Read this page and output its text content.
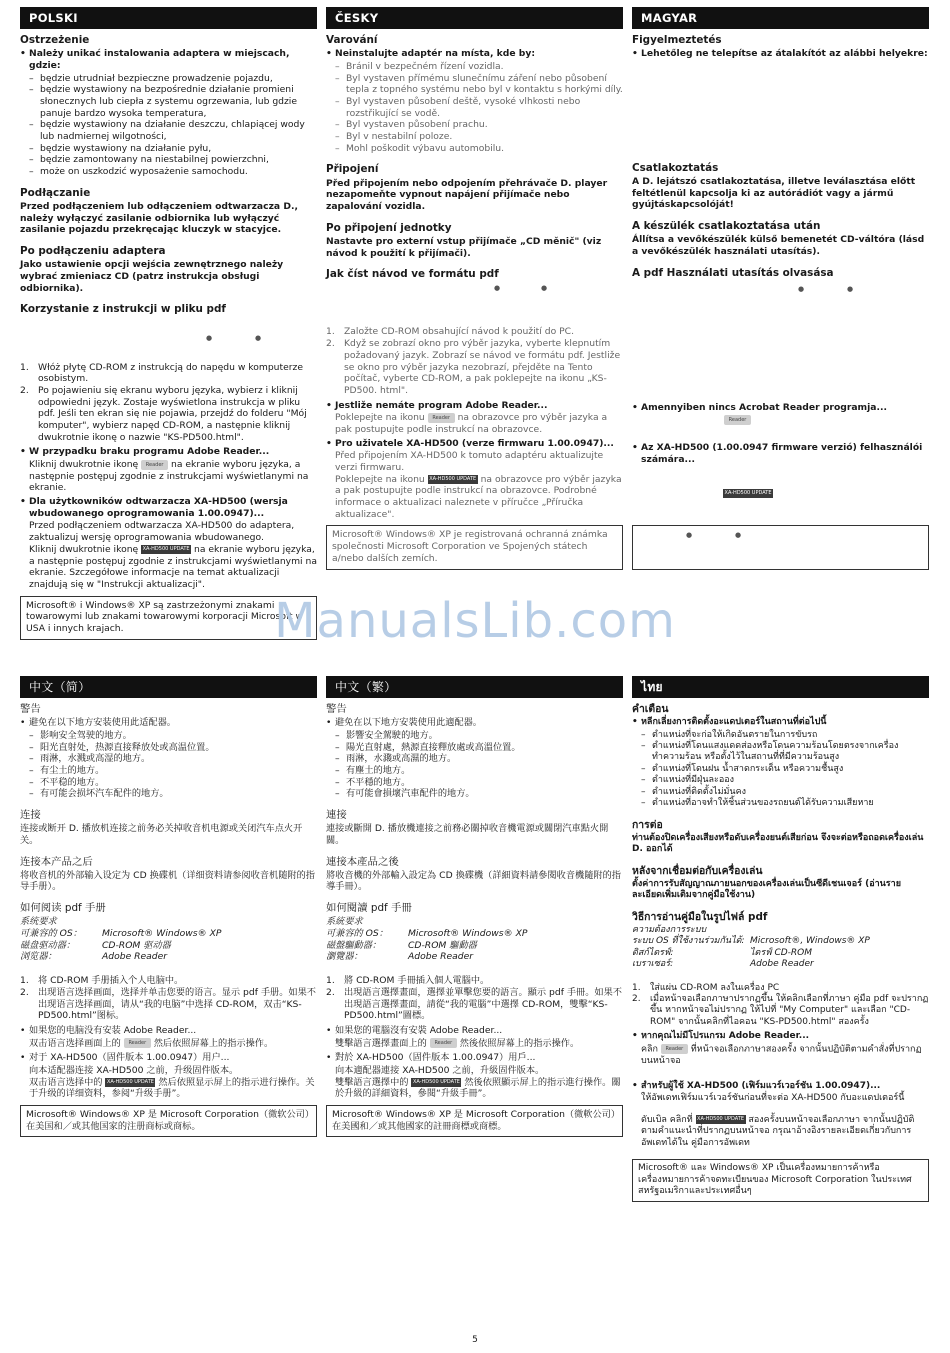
POLSKI
Ostrzeżenie
• Należy unikać instalowania adaptera w miejscach, gdzie:
– będzie utrudniał bezpieczne prowadzenie pojazdu,
– będzie wystawiony na bezpośrednie działanie promieni słonecznych lub ciepła z systemu ogrzewania, lub gdzie panuje bardzo wysoka temperatura,
– będzie wystawiony na działanie deszczu, chlapiącej wody lub nadmiernej wilgotności,
– będzie wystawiony na działanie pyłu,
– będzie zamontowany na niestabilnej powierzchni,
– może on uszkodzić wyposażenie samochodu.
Podłączanie
Przed podłączeniem lub odłączeniem odtwarzacza D., należy wyłączyć zasilanie odbiornika lub wyłączyć zasilanie pojazdu przekręcając kluczyk w stacyjce.
Po podłączeniu adaptera
Jako ustawienie opcji wejścia zewnętrznego należy wybrać zmieniacz CD (patrz instrukcja obsługi odbiornika).
Korzystanie z instrukcji w pliku pdf
●	●
1. Włóż płytę CD-ROM z instrukcją do napędu w komputerze osobistym.
2. Po pojawieniu się ekranu wyboru języka, wybierz i kliknij odpowiedni język. Zostaje wyświetlona instrukcja w pliku pdf. Jeśli ten ekran się nie pojawia, przejdź do folderu "Mój komputer", wybierz napęd CD-ROM, a następnie kliknij dwukrotnie ikonę o nazwie "KS-PD500.html".
• W przypadku braku programu Adobe Reader...
Kliknij dwukrotnie ikonę Reader na ekranie wyboru języka, a następnie postępuj zgodnie z instrukcjami wyświetlanymi na ekranie.
• Dla użytkowników odtwarzacza XA-HD500 (wersja wbudowanego oprogramowania 1.00.0947)...
Przed podłączeniem odtwarzacza XA-HD500 do adaptera, zaktualizuj wersję oprogramowania wbudowanego.
Kliknij dwukrotnie ikonę XA-HD500 UPDATE na ekranie wyboru języka, a następnie postępuj zgodnie z instrukcjami wyświetlanymi na ekranie. Szczegółowe informacje na temat aktualizacji znajdują się w "Instrukcji aktualizacji".
Microsoft® i Windows® XP są zastrzeżonymi znakami towarowymi lub znakami towarowymi korporacji Microsoft w USA i innych krajach.
ČESKY
Varování
• Neinstalujte adaptér na místa, kde by:
– Bránil v bezpečném řízení vozidla.
– Byl vystaven přímému slunečnímu záření nebo působení tepla z topného systému nebo byl v kontaktu s horkými díly.
– Byl vystaven působení deště, vysoké vlhkosti nebo rozstřikující se vodě.
– Byl vystaven působení prachu.
– Byl v nestabilní poloze.
– Mohl poškodit výbavu automobilu.
Připojení
Před připojením nebo odpojením přehrávače D. player nezapomeňte vypnout napájení přijímače nebo zapalování vozidla.
Po připojení jednotky
Nastavte pro externí vstup přijímače „CD měnič" (viz návod k použití k přijímači).
Jak číst návod ve formátu pdf
●	●
1. Založte CD-ROM obsahující návod k použití do PC.
2. Když se zobrazí okno pro výběr jazyka, vyberte klepnutím požadovaný jazyk. Zobrazí se návod ve formátu pdf. Jestliže se okno pro výběr jazyka nezobrazí, přejděte na Tento počítač, vyberte CD-ROM, a pak poklepejte na ikonu „KS-PD500. html".
• Jestliže nemáte program Adobe Reader...
Poklepejte na ikonu Reader na obrazovce pro výběr jazyka a pak postupujte podle instrukcí na obrazovce.
• Pro uživatele XA-HD500 (verze firmwaru 1.00.0947)...
Před připojením XA-HD500 k tomuto adaptéru aktualizujte verzi firmwaru.
Poklepejte na ikonu XA-HD500 UPDATE na obrazovce pro výběr jazyka a pak postupujte podle instrukcí na obrazovce. Podrobné informace o aktualizaci naleznete v příručce „Příručka aktualizace".
Microsoft® Windows® XP je registrovaná ochranná známka společnosti Microsoft Corporation ve Spojených státech a/nebo dalších zemích.
MAGYAR
Figyelmeztetés
• Lehetőleg ne telepítse az átalakítót az alábbi helyekre:
Csatlakoztatás
A D. lejátszó csatlakoztatása, illetve leválasztása előtt feltétlenül kapcsolja ki az autórádiót vagy a jármű gyújtáskapcsolóját!
A készülék csatlakoztatása után
Állítsa a vevőkészülék külső bemenetét CD-váltóra (lásd a vevőkészülék használati utasítás).
A pdf Használati utasítás olvasása
●	●
• Amennyiben nincs Acrobat Reader programja...
Reader
• Az XA-HD500 (1.00.0947 firmware verzió) felhasználói számára...
XA-HD500 UPDATE
●	●
ManualsLib.com
中文（简）
警告
• 避免在以下地方安装使用此适配器。
– 影响安全驾驶的地方。
– 阳光直射处，热源直接释放处或高温位置。
– 雨淋，水溅或高湿的地方。
– 有尘土的地方。
– 不平稳的地方。
– 有可能会损坏汽车配件的地方。
连接
连接或断开 D. 播放机连接之前务必关掉收音机电源或关闭汽车点火开关。
连接本产品之后
将收音机的外部输入设定为 CD 换碟机（详细资料请参阅收音机随附的指导手册）。
如何阅读 pdf 手册
系统要求
可兼容的 OS：	Microsoft® Windows® XP
磁盘驱动器：	CD-ROM 驱动器
浏览器：	Adobe Reader
1. 将 CD-ROM 手册插入个人电脑中。
2. 出现语言选择画面，选择并单击您要的语言。显示 pdf 手册。如果不出现语言选择画面，请从“我的电脑”中选择 CD-ROM，双击“KS-PD500.html”图标。
• 如果您的电脑没有安装 Adobe Reader...
双击语言选择画面上的 Reader 然后依照屏幕上的指示操作。
• 对于 XA-HD500（固件版本 1.00.0947）用户...
向本适配器连接 XA-HD500 之前，升级固件版本。
双击语言选择中的 XA-HD500 UPDATE 然后依照显示屏上的指示进行操作。关于升级的详细资料，参阅“升级手册”。
Microsoft® Windows® XP 是 Microsoft Corporation（微软公司）在美国和／或其他国家的注册商标或商标。
中文（繁）
警告
• 避免在以下地方安裝使用此適配器。
– 影響安全駕駛的地方。
– 陽光直射處，熱源直接釋放處或高溫位置。
– 雨淋，水濺或高濕的地方。
– 有塵土的地方。
– 不平穩的地方。
– 有可能會損壞汽車配件的地方。
連接
連接或斷開 D. 播放機連接之前務必關掉收音機電源或關閉汽車點火開關。
連接本產品之後
將收音機的外部輸入設定為 CD 換碟機（詳細資料請參閱收音機隨附的指導手冊）。
如何閱讀 pdf 手冊
系統要求
可兼容的 OS：	Microsoft® Windows® XP
磁盤驅動器：	CD-ROM 驅動器
瀏覽器：	Adobe Reader
1. 將 CD-ROM 手冊插入個人電腦中。
2. 出現語言選擇畫面，選擇並單擊您要的語言。顯示 pdf 手冊。如果不出現語言選擇畫面，請從“我的電腦”中選擇 CD-ROM，雙擊“KS-PD500.html”圖標。
• 如果您的電腦沒有安裝 Adobe Reader...
雙擊語言選擇畫面上的 Reader 然後依照屏幕上的指示操作。
• 對於 XA-HD500（固件版本 1.00.0947）用戶...
向本適配器連接 XA-HD500 之前，升級固件版本。
雙擊語言選擇中的 XA-HD500 UPDATE 然後依照顯示屏上的指示進行操作。關於升級的詳細資料，參閱“升級手冊”。
Microsoft® Windows® XP 是 Microsoft Corporation（微軟公司）在美國和／或其他國家的註冊商標或商標。
ไทย
คำเตือน
• หลีกเลี่ยงการติดตั้งอะแดปเตอร์ในสถานที่ต่อไปนี้
– ตำแหน่งที่จะก่อให้เกิดอันตรายในการขับรถ
– ตำแหน่งที่โดนแสงแดดส่องหรือโดนความร้อนโดยตรงจากเครื่องทำความร้อน หรือตั้งไว้ในสถานที่ที่มีความร้อนสูง
– ตำแหน่งที่โดนฝน น้ำสาดกระเด็น หรือความชื้นสูง
– ตำแหน่งที่มีฝุ่นละออง
– ตำแหน่งที่ติดตั้งไม่มั่นคง
– ตำแหน่งที่อาจทำให้ชิ้นส่วนของรถยนต์ได้รับความเสียหาย
การต่อ
ท่านต้องปิดเครื่องเสียงหรือดับเครื่องยนต์เสียก่อน จึงจะต่อหรือถอดเครื่องเล่น D. ออกได้
หลังจากเชื่อมต่อกับเครื่องเล่น
ตั้งค่าการรับสัญญาณภายนอกของเครื่องเล่นเป็นซีดีเชนเจอร์ (อ่านรายละเอียดเพิ่มเติมจากคู่มือใช้งาน)
วิธีการอ่านคู่มือในรูปไฟล์ pdf
ความต้องการระบบ
ระบบ OS ที่ใช้งานร่วมกันได้: Microsoft®, Windows® XP
ดิสก์ไดรฟ์:	ไดรฟ์ CD-ROM
เบราเซอร์:	Adobe Reader
1. ใส่แผ่น CD-ROM ลงในเครื่อง PC
2. เมื่อหน้าจอเลือกภาษาปรากฏขึ้น ให้คลิกเลือกที่ภาษา คู่มือ pdf จะปรากฏขึ้น หากหน้าจอไม่ปรากฏ ให้ไปที่ "My Computer" และเลือก "CD-ROM" จากนั้นคลิกที่ไอคอน "KS-PD500.html" สองครั้ง
• หากคุณไม่มีโปรแกรม Adobe Reader...
คลิก Reader ที่หน้าจอเลือกภาษาสองครั้ง จากนั้นปฏิบัติตามคำสั่งที่ปรากฏบนหน้าจอ
• สำหรับผู้ใช้ XA-HD500 (เฟิร์มแวร์เวอร์ชัน 1.00.0947)...
ให้อัพเดทเฟิร์มแวร์เวอร์ชันก่อนที่จะต่อ XA-HD500 กับอะแดปเตอร์นี้
ดับเบิล คลิกที่ XA-HD500 UPDATE สองครั้งบนหน้าจอเลือกภาษา จากนั้นปฏิบัติตามคำแนะนำที่ปรากฏบนหน้าจอ กรุณาอ้างอิงรายละเอียดเกี่ยวกับการอัพเดทได้ใน คู่มือการอัพเดท
Microsoft® และ Windows® XP เป็นเครื่องหมายการค้าหรือเครื่องหมายการค้าจดทะเบียนของ Microsoft Corporation ในประเทศสหรัฐอเมริกาและประเทศอื่นๆ
5
